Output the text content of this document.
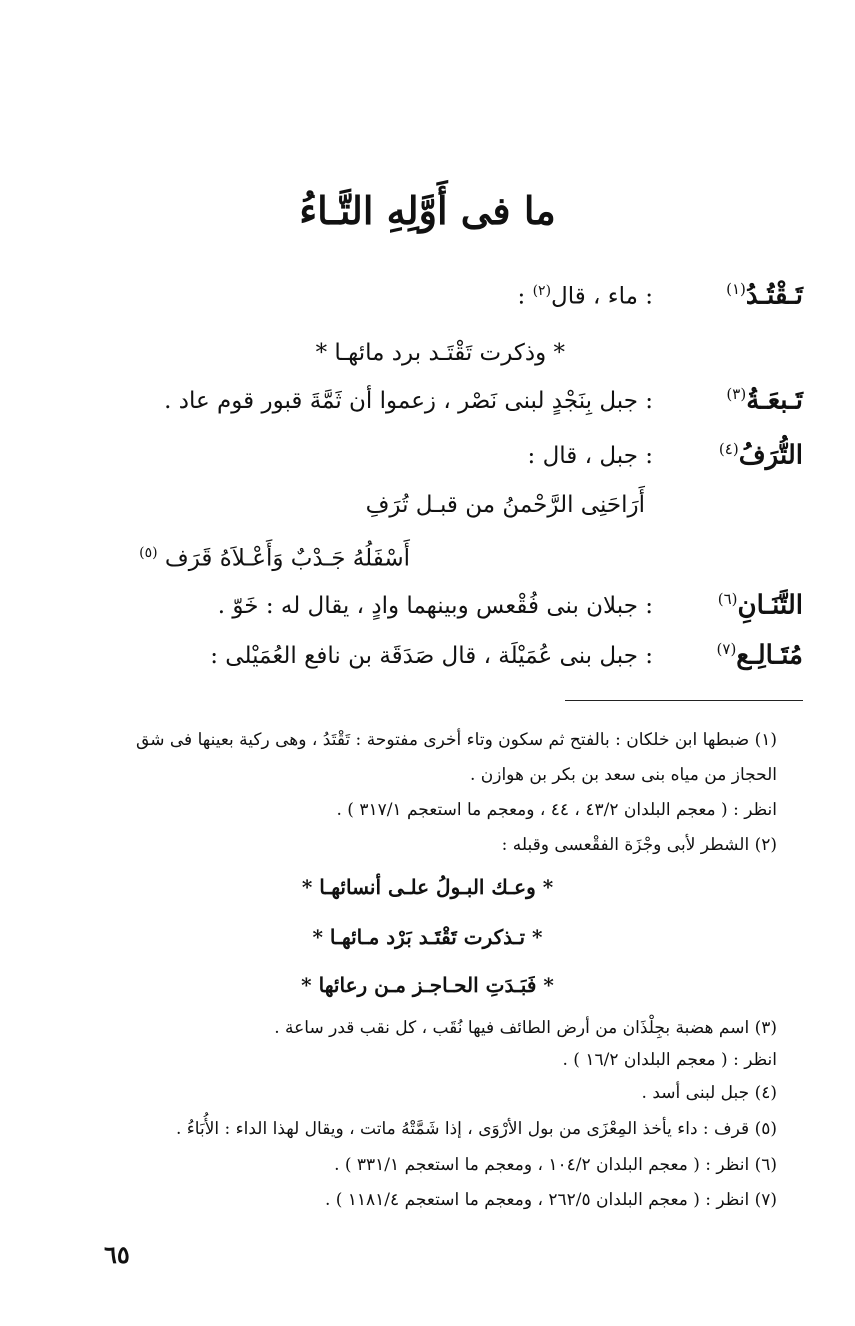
ما فى أَوَّلِهِ التَّـاءُ
تَـقْتُـدُ$^{(١)}$
: ماء ، قال$^{(٢)}$ :
* وذكرت تَقْتَـد برد مائهـا *
تَـبعَـةُ$^{(٣)}$
: جبل بِنَجْدٍ لبنى نَصْر ، زعموا أن ثَمَّةَ قبور قوم عاد .
التُّرَفُ$^{(٤)}$
: جبل ، قال :
أَرَاحَنِى الرَّحْمنُ من قبـل تُرَفِ
أَسْفَلُهُ جَـدْبٌ وَأَعْـلاَهُ قَرَف $^{(٥)}$
التَّنَـانِ$^{(٦)}$
: جبلان بنى فُقْعس وبينهما وادٍ ، يقال له : خَوّ .
مُتَـالِـع$^{(٧)}$
: جبل بنى عُمَيْلَة ، قال صَدَقَة بن نافع العُمَيْلى :
(١) ضبطها ابن خلكان : بالفتح ثم سكون وتاء أخرى مفتوحة : تَقْتَدُ ، وهى ركية بعينها فى شق
الحجاز من مياه بنى سعد بن بكر بن هوازن .
انظر : ( معجم البلدان ٤٣/٢ ، ٤٤ ، ومعجم ما استعجم ٣١٧/١ ) .
(٢) الشطر لأبى وجْزَة الفقْعسى وقبله :
* وعـك البـولُ علـى أنسائهـا *
* تـذكرت تَقْتَـد بَرْد مـائهـا *
* فَبَـدَتِ الحـاجـز مـن رعائها *
(٣) اسم هضبة بجِلْذَان من أرض الطائف فيها نُقَب ، كل نقب قدر ساعة .
انظر : ( معجم البلدان ١٦/٢ ) .
(٤) جبل لبنى أسد .
(٥) قرف : داء يأخذ المِعْزَى من بول الأرْوَى ، إذا شَمَّتْهُ ماتت ، ويقال لهذا الداء : الأُبَاءُ .
(٦) انظر : ( معجم البلدان ١٠٤/٢ ، ومعجم ما استعجم ٣٣١/١ ) .
(٧) انظر : ( معجم البلدان ٢٦٢/٥ ، ومعجم ما استعجم ١١٨١/٤ ) .
٦٥
